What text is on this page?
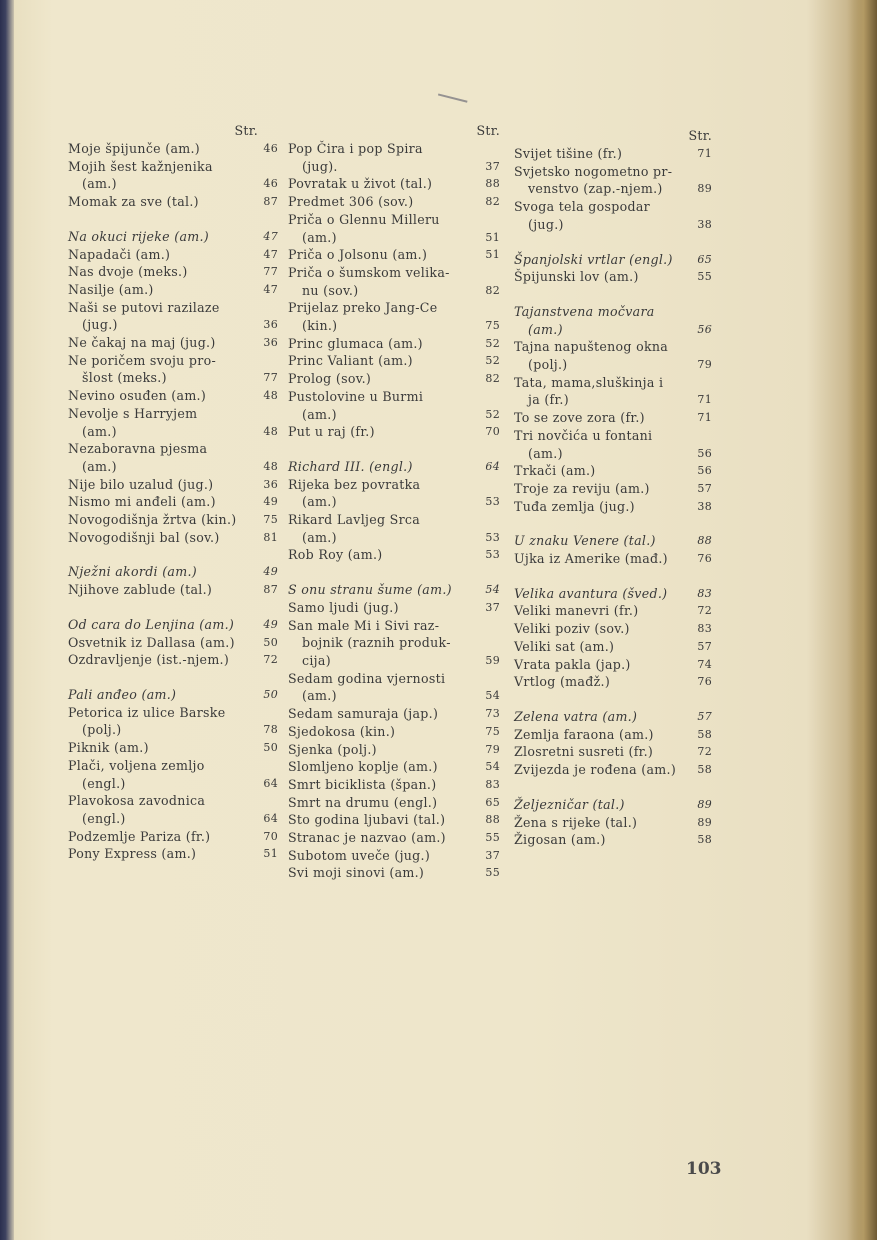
Str.
Moje špijunče (am.)	46
Mojih šest kažnjenika
(am.)	46
Momak za sve (tal.)	87
Na okuci rijeke (am.)	47
Napadači (am.)	47
Nas dvoje (meks.)	77
Nasilje (am.)	47
Naši se putovi razilaze
(jug.)	36
Ne čakaj na maj (jug.)	36
Ne poričem svoju pro-
šlost (meks.)	77
Nevino osuđen (am.)	48
Nevolje s Harryjem
(am.)	48
Nezaboravna pjesma
(am.)	48
Nije bilo uzalud (jug.)	36
Nismo mi anđeli (am.)	49
Novogodišnja žrtva (kin.)	75
Novogodišnji bal (sov.)	81
Nježni akordi (am.)	49
Njihove zablude (tal.)	87
Od cara do Lenjina (am.)	49
Osvetnik iz Dallasa (am.)	50
Ozdravljenje (ist.-njem.)	72
Pali anđeo (am.)	50
Petorica iz ulice Barske
(polj.)	78
Piknik (am.)	50
Plači, voljena zemljo
(engl.)	64
Plavokosa zavodnica
(engl.)	64
Podzemlje Pariza (fr.)	70
Pony Express (am.)	51
Str.
Pop Čira i pop Spira
(jug).	37
Povratak u život (tal.)	88
Predmet 306 (sov.)	82
Priča o Glennu Milleru
(am.)	51
Priča o Jolsonu (am.)	51
Priča o šumskom velika-
nu (sov.)	82
Prijelaz preko Jang-Ce
(kin.)	75
Princ glumaca (am.)	52
Princ Valiant (am.)	52
Prolog (sov.)	82
Pustolovine u Burmi
(am.)	52
Put u raj (fr.)	70
Richard III. (engl.)	64
Rijeka bez povratka
(am.)	53
Rikard Lavljeg Srca
(am.)	53
Rob Roy (am.)	53
S onu stranu šume (am.)	54
Samo ljudi (jug.)	37
San male Mi i Sivi raz-
bojnik (raznih produk-
cija)	59
Sedam godina vjernosti
(am.)	54
Sedam samuraja (jap.)	73
Sjedokosa (kin.)	75
Sjenka (polj.)	79
Slomljeno koplje (am.)	54
Smrt biciklista (špan.)	83
Smrt na drumu (engl.)	65
Sto godina ljubavi (tal.)	88
Stranac je nazvao (am.)	55
Subotom uveče (jug.)	37
Svi moji sinovi (am.)	55
Str.
Svijet tišine (fr.)	71
Svjetsko nogometno pr-
venstvo (zap.-njem.)	89
Svoga tela gospodar
(jug.)	38
Španjolski vrtlar (engl.)	65
Špijunski lov (am.)	55
Tajanstvena močvara
(am.)	56
Tajna napuštenog okna
(polj.)	79
Tata, mama,sluškinja i
ja (fr.)	71
To se zove zora (fr.)	71
Tri novčića u fontani
(am.)	56
Trkači (am.)	56
Troje za reviju (am.)	57
Tuđa zemlja (jug.)	38
U znaku Venere (tal.)	88
Ujka iz Amerike (mađ.)	76
Velika avantura (šved.)	83
Veliki manevri (fr.)	72
Veliki poziv (sov.)	83
Veliki sat (am.)	57
Vrata pakla (jap.)	74
Vrtlog (mađž.)	76
Zelena vatra (am.)	57
Zemlja faraona (am.)	58
Zlosretni susreti (fr.)	72
Zvijezda je rođena (am.)	58
Željezničar (tal.)	89
Žena s rijeke (tal.)	89
Žigosan (am.)	58
103
